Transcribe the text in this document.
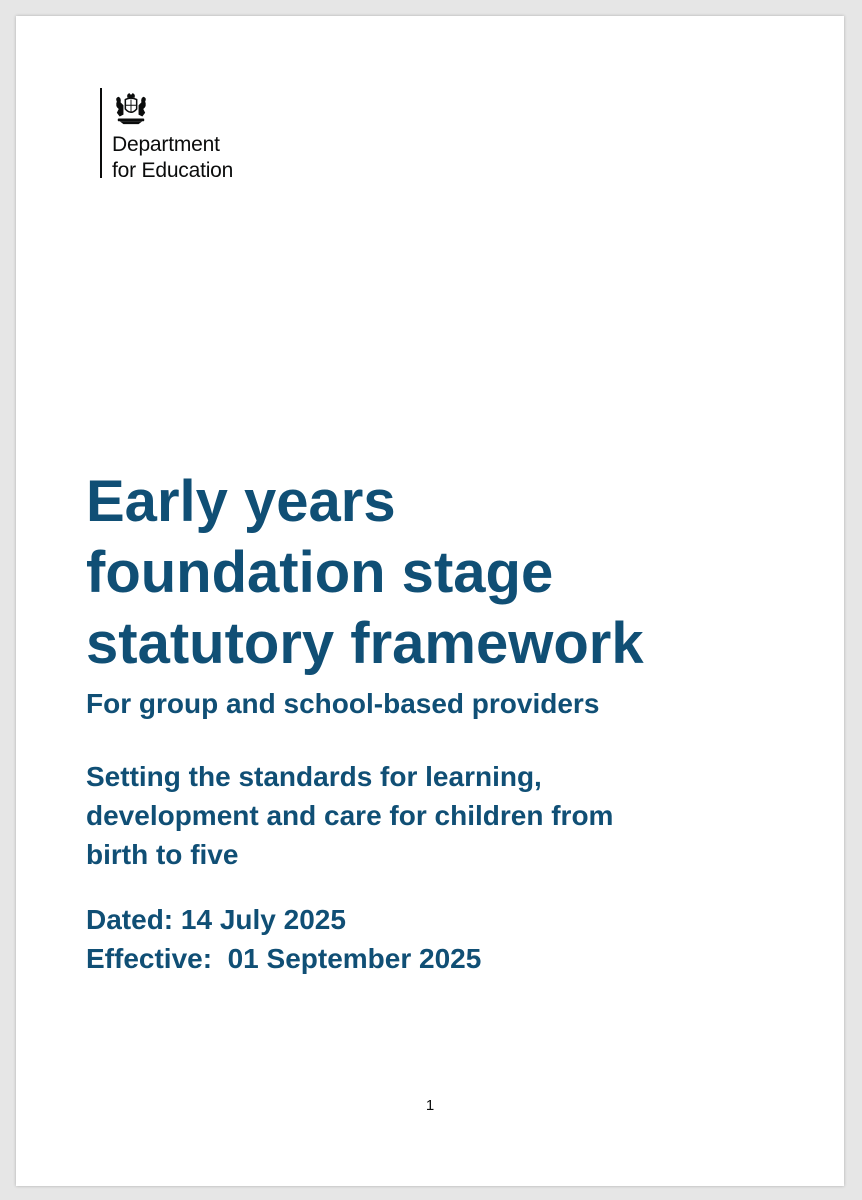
Department
for Education
Early years
foundation stage
statutory framework
For group and school-based providers
Setting the standards for learning,
development and care for children from
birth to five
Dated: 14 July 2025
Effective:  01 September 2025
1
